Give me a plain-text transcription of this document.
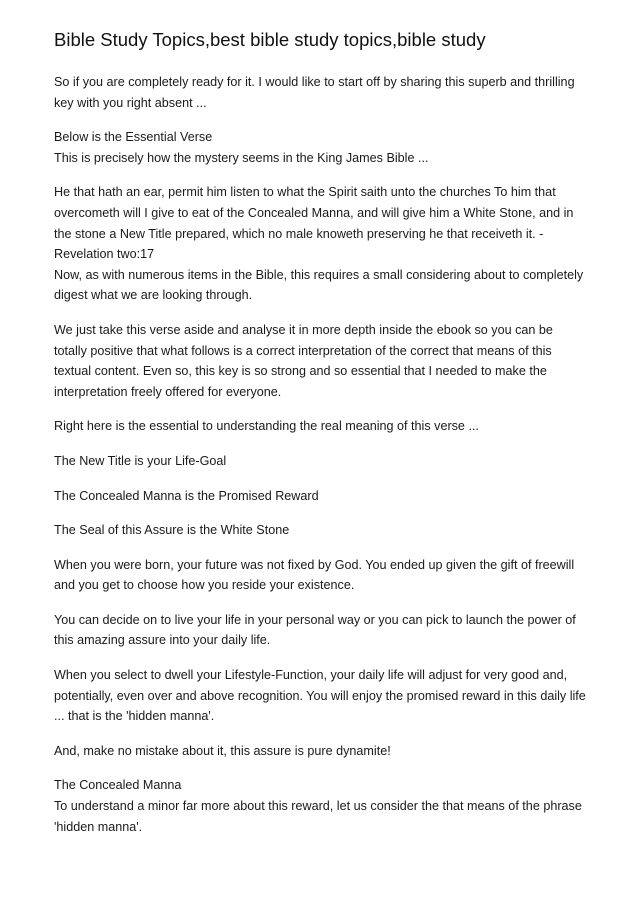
Bible Study Topics,best bible study topics,bible study

So if you are completely ready for it. I would like to start off by sharing this superb and thrilling key with you right absent ...

Below is the Essential Verse
This is precisely how the mystery seems in the King James Bible ...

He that hath an ear, permit him listen to what the Spirit saith unto the churches To him that overcometh will I give to eat of the Concealed Manna, and will give him a White Stone, and in the stone a New Title prepared, which no male knoweth preserving he that receiveth it. - Revelation two:17
Now, as with numerous items in the Bible, this requires a small considering about to completely digest what we are looking through.

We just take this verse aside and analyse it in more depth inside the ebook so you can be totally positive that what follows is a correct interpretation of the correct that means of this textual content. Even so, this key is so strong and so essential that I needed to make the interpretation freely offered for everyone.

Right here is the essential to understanding the real meaning of this verse ...

The New Title is your Life-Goal

The Concealed Manna is the Promised Reward

The Seal of this Assure is the White Stone

When you were born, your future was not fixed by God. You ended up given the gift of freewill and you get to choose how you reside your existence.

You can decide on to live your life in your personal way or you can pick to launch the power of this amazing assure into your daily life.

When you select to dwell your Lifestyle-Function, your daily life will adjust for very good and, potentially, even over and above recognition. You will enjoy the promised reward in this daily life ... that is the 'hidden manna'.

And, make no mistake about it, this assure is pure dynamite!

The Concealed Manna
To understand a minor far more about this reward, let us consider the that means of the phrase 'hidden manna'.
